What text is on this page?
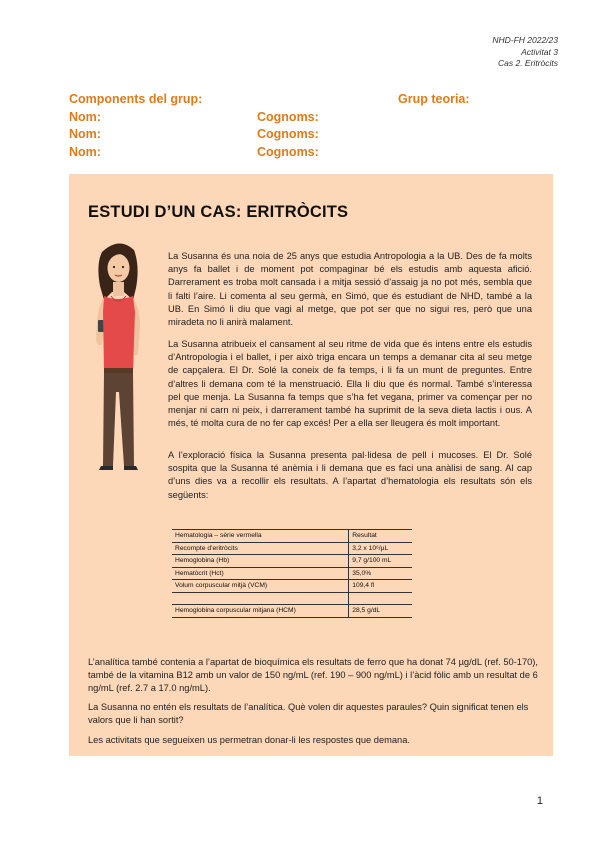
NHD-FH 2022/23
Activitat 3
Cas 2. Eritròcits
Components del grup:	Grup teoria:
Nom:	Cognoms:
Nom:	Cognoms:
Nom:	Cognoms:
ESTUDI D’UN CAS: ERITRÒCITS
La Susanna és una noia de 25 anys que estudia Antropologia a la UB. Des de fa molts anys fa ballet i de moment pot compaginar bé els estudis amb aquesta afició. Darrerament es troba molt cansada i a mitja sessió d’assaig ja no pot més, sembla que li falti l’aire. Li comenta al seu germà, en Simó, que és estudiant de NHD, també a la UB. En Simó li diu que vagi al metge, que pot ser que no sigui res, però que una miradeta no li anirà malament.
La Susanna atribueix el cansament al seu ritme de vida que és intens entre els estudis d’Antropologia i el ballet, i per això triga encara un temps a demanar cita al seu metge de capçalera. El Dr. Solé la coneix de fa temps, i li fa un munt de preguntes. Entre d’altres li demana com té la menstruació. Ella li diu que és normal. També s’interessa pel que menja. La Susanna fa temps que s’ha fet vegana, primer va començar per no menjar ni carn ni peix, i darrerament també ha suprimit de la seva dieta lactis i ous. A més, té molta cura de no fer cap excés! Per a ella ser lleugera és molt important.
A l’exploració física la Susanna presenta pal·lidesa de pell i mucoses. El Dr. Solé sospita que la Susanna té anèmia i li demana que es faci una anàlisi de sang. Al cap d’uns dies va a recollir els resultats. A l’apartat d’hematologia els resultats són els següents:
Hematologia – sèrie vermella	Resultat
Recompte d’eritròcits	3,2 x 10⁶/µL
Hemoglobina (Hb)	9,7 g/100 mL
Hematòcrit (Hct)	35,0%
Volum corpuscular mitjà (VCM)	109,4 fl

Hemoglobina corpuscular mitjana (HCM)	28,5 g/dL
L’analítica també contenia a l’apartat de bioquímica els resultats de ferro que ha donat 74 µg/dL (ref. 50-170), també de la vitamina B12 amb un valor de 150 ng/mL (ref. 190 – 900 ng/mL) i l’àcid fòlic amb un resultat de 6 ng/mL (ref. 2.7 a 17.0 ng/mL).
La Susanna no entén els resultats de l’analítica. Què volen dir aquestes paraules? Quin significat tenen els valors que li han sortit?
Les activitats que segueixen us permetran donar-li les respostes que demana.
1
